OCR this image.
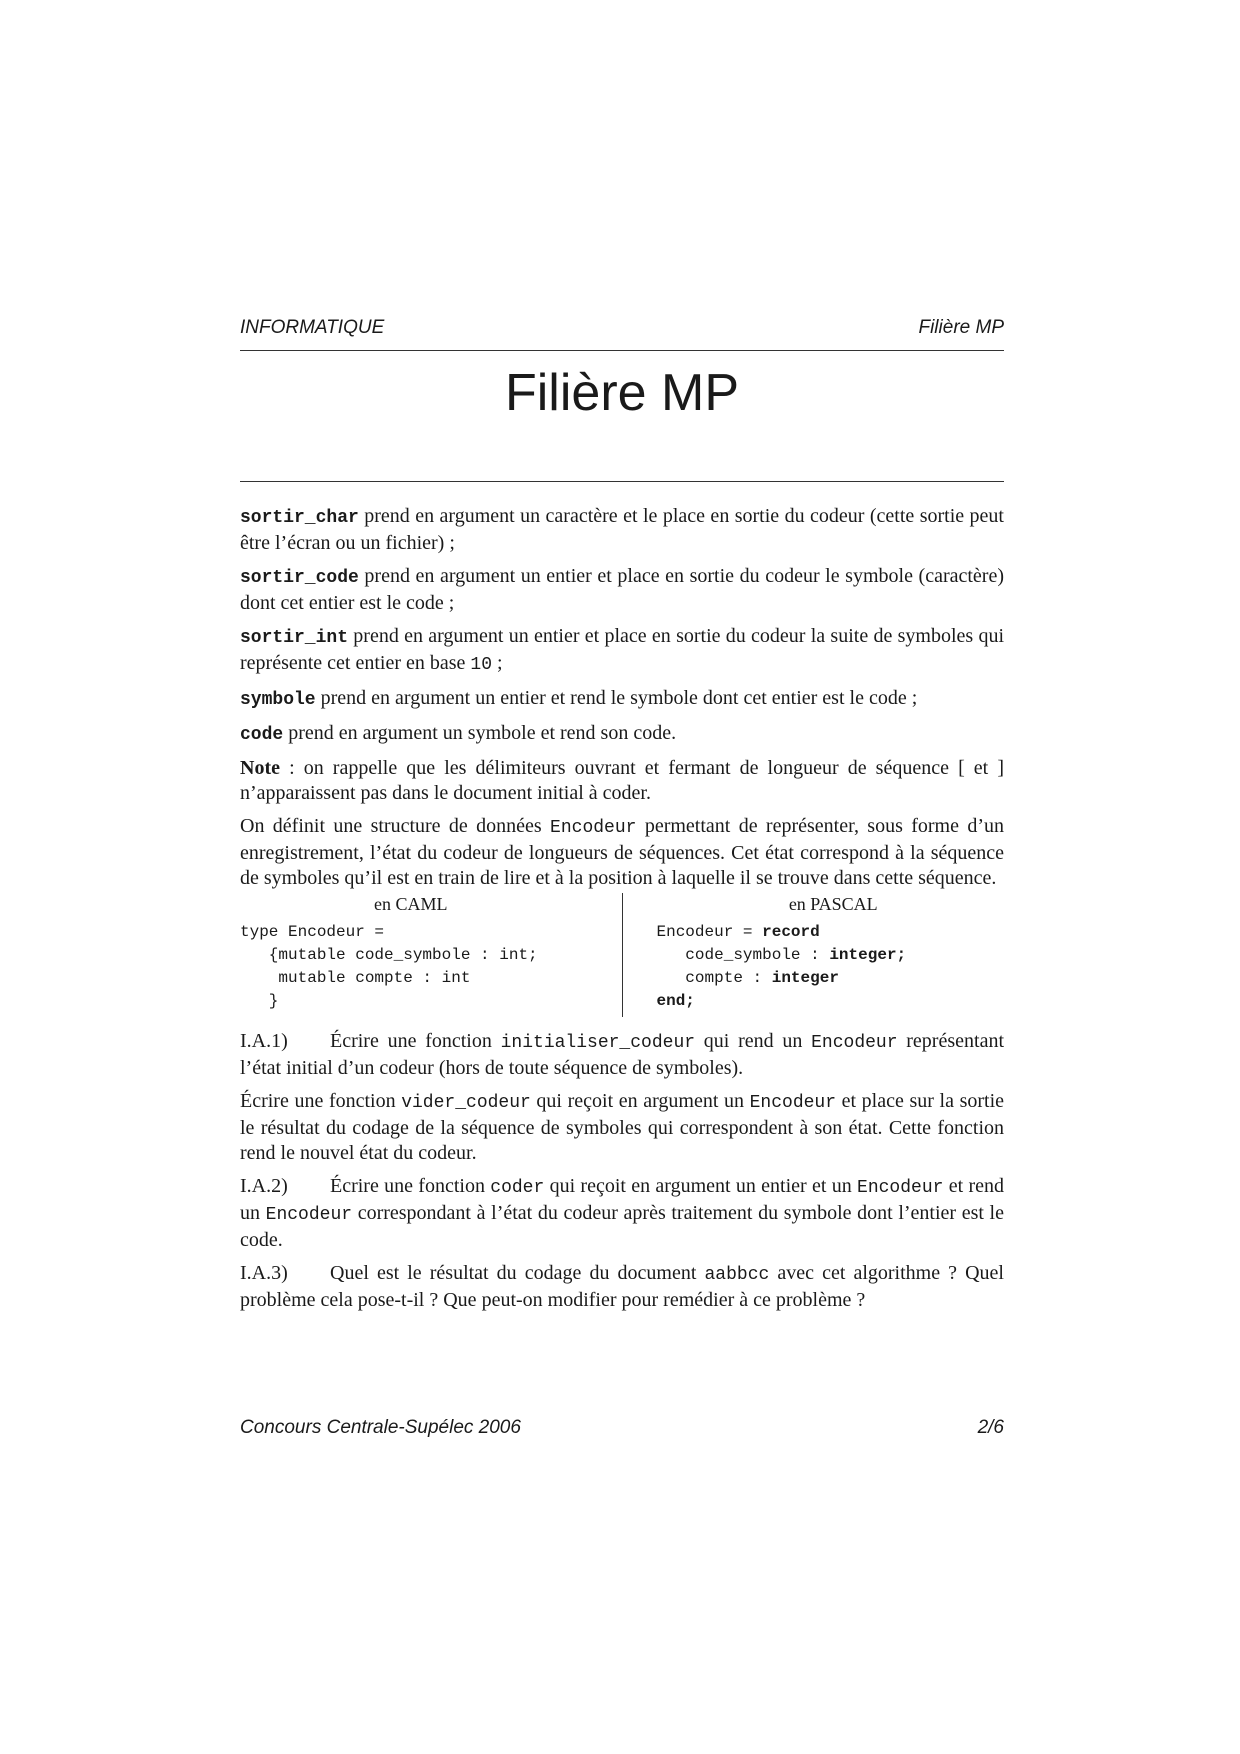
INFORMATIQUE	Filière MP
Filière MP

sortir_char prend en argument un caractère et le place en sortie du codeur (cette sortie peut être l’écran ou un fichier) ;

sortir_code prend en argument un entier et place en sortie du codeur le symbole (caractère) dont cet entier est le code ;

sortir_int prend en argument un entier et place en sortie du codeur la suite de symboles qui représente cet entier en base 10 ;

symbole prend en argument un entier et rend le symbole dont cet entier est le code ;

code prend en argument un symbole et rend son code.

Note : on rappelle que les délimiteurs ouvrant et fermant de longueur de séquence [ et ] n’apparaissent pas dans le document initial à coder.

On définit une structure de données Encodeur permettant de représenter, sous forme d’un enregistrement, l’état du codeur de longueurs de séquences. Cet état correspond à la séquence de symboles qu’il est en train de lire et à la position à laquelle il se trouve dans cette séquence.

en CAML
type Encodeur =
{mutable code_symbole : int;
mutable compte : int
}
en PASCAL
Encodeur = record
code_symbole : integer;
compte : integer
end;

I.A.1) Écrire une fonction initialiser_codeur qui rend un Encodeur représentant l’état initial d’un codeur (hors de toute séquence de symboles).

Écrire une fonction vider_codeur qui reçoit en argument un Encodeur et place sur la sortie le résultat du codage de la séquence de symboles qui correspondent à son état. Cette fonction rend le nouvel état du codeur.

I.A.2) Écrire une fonction coder qui reçoit en argument un entier et un Encodeur et rend un Encodeur correspondant à l’état du codeur après traitement du symbole dont l’entier est le code.

I.A.3) Quel est le résultat du codage du document aabbcc avec cet algorithme ? Quel problème cela pose-t-il ? Que peut-on modifier pour remédier à ce problème ?

Concours Centrale-Supélec 2006	2/6
